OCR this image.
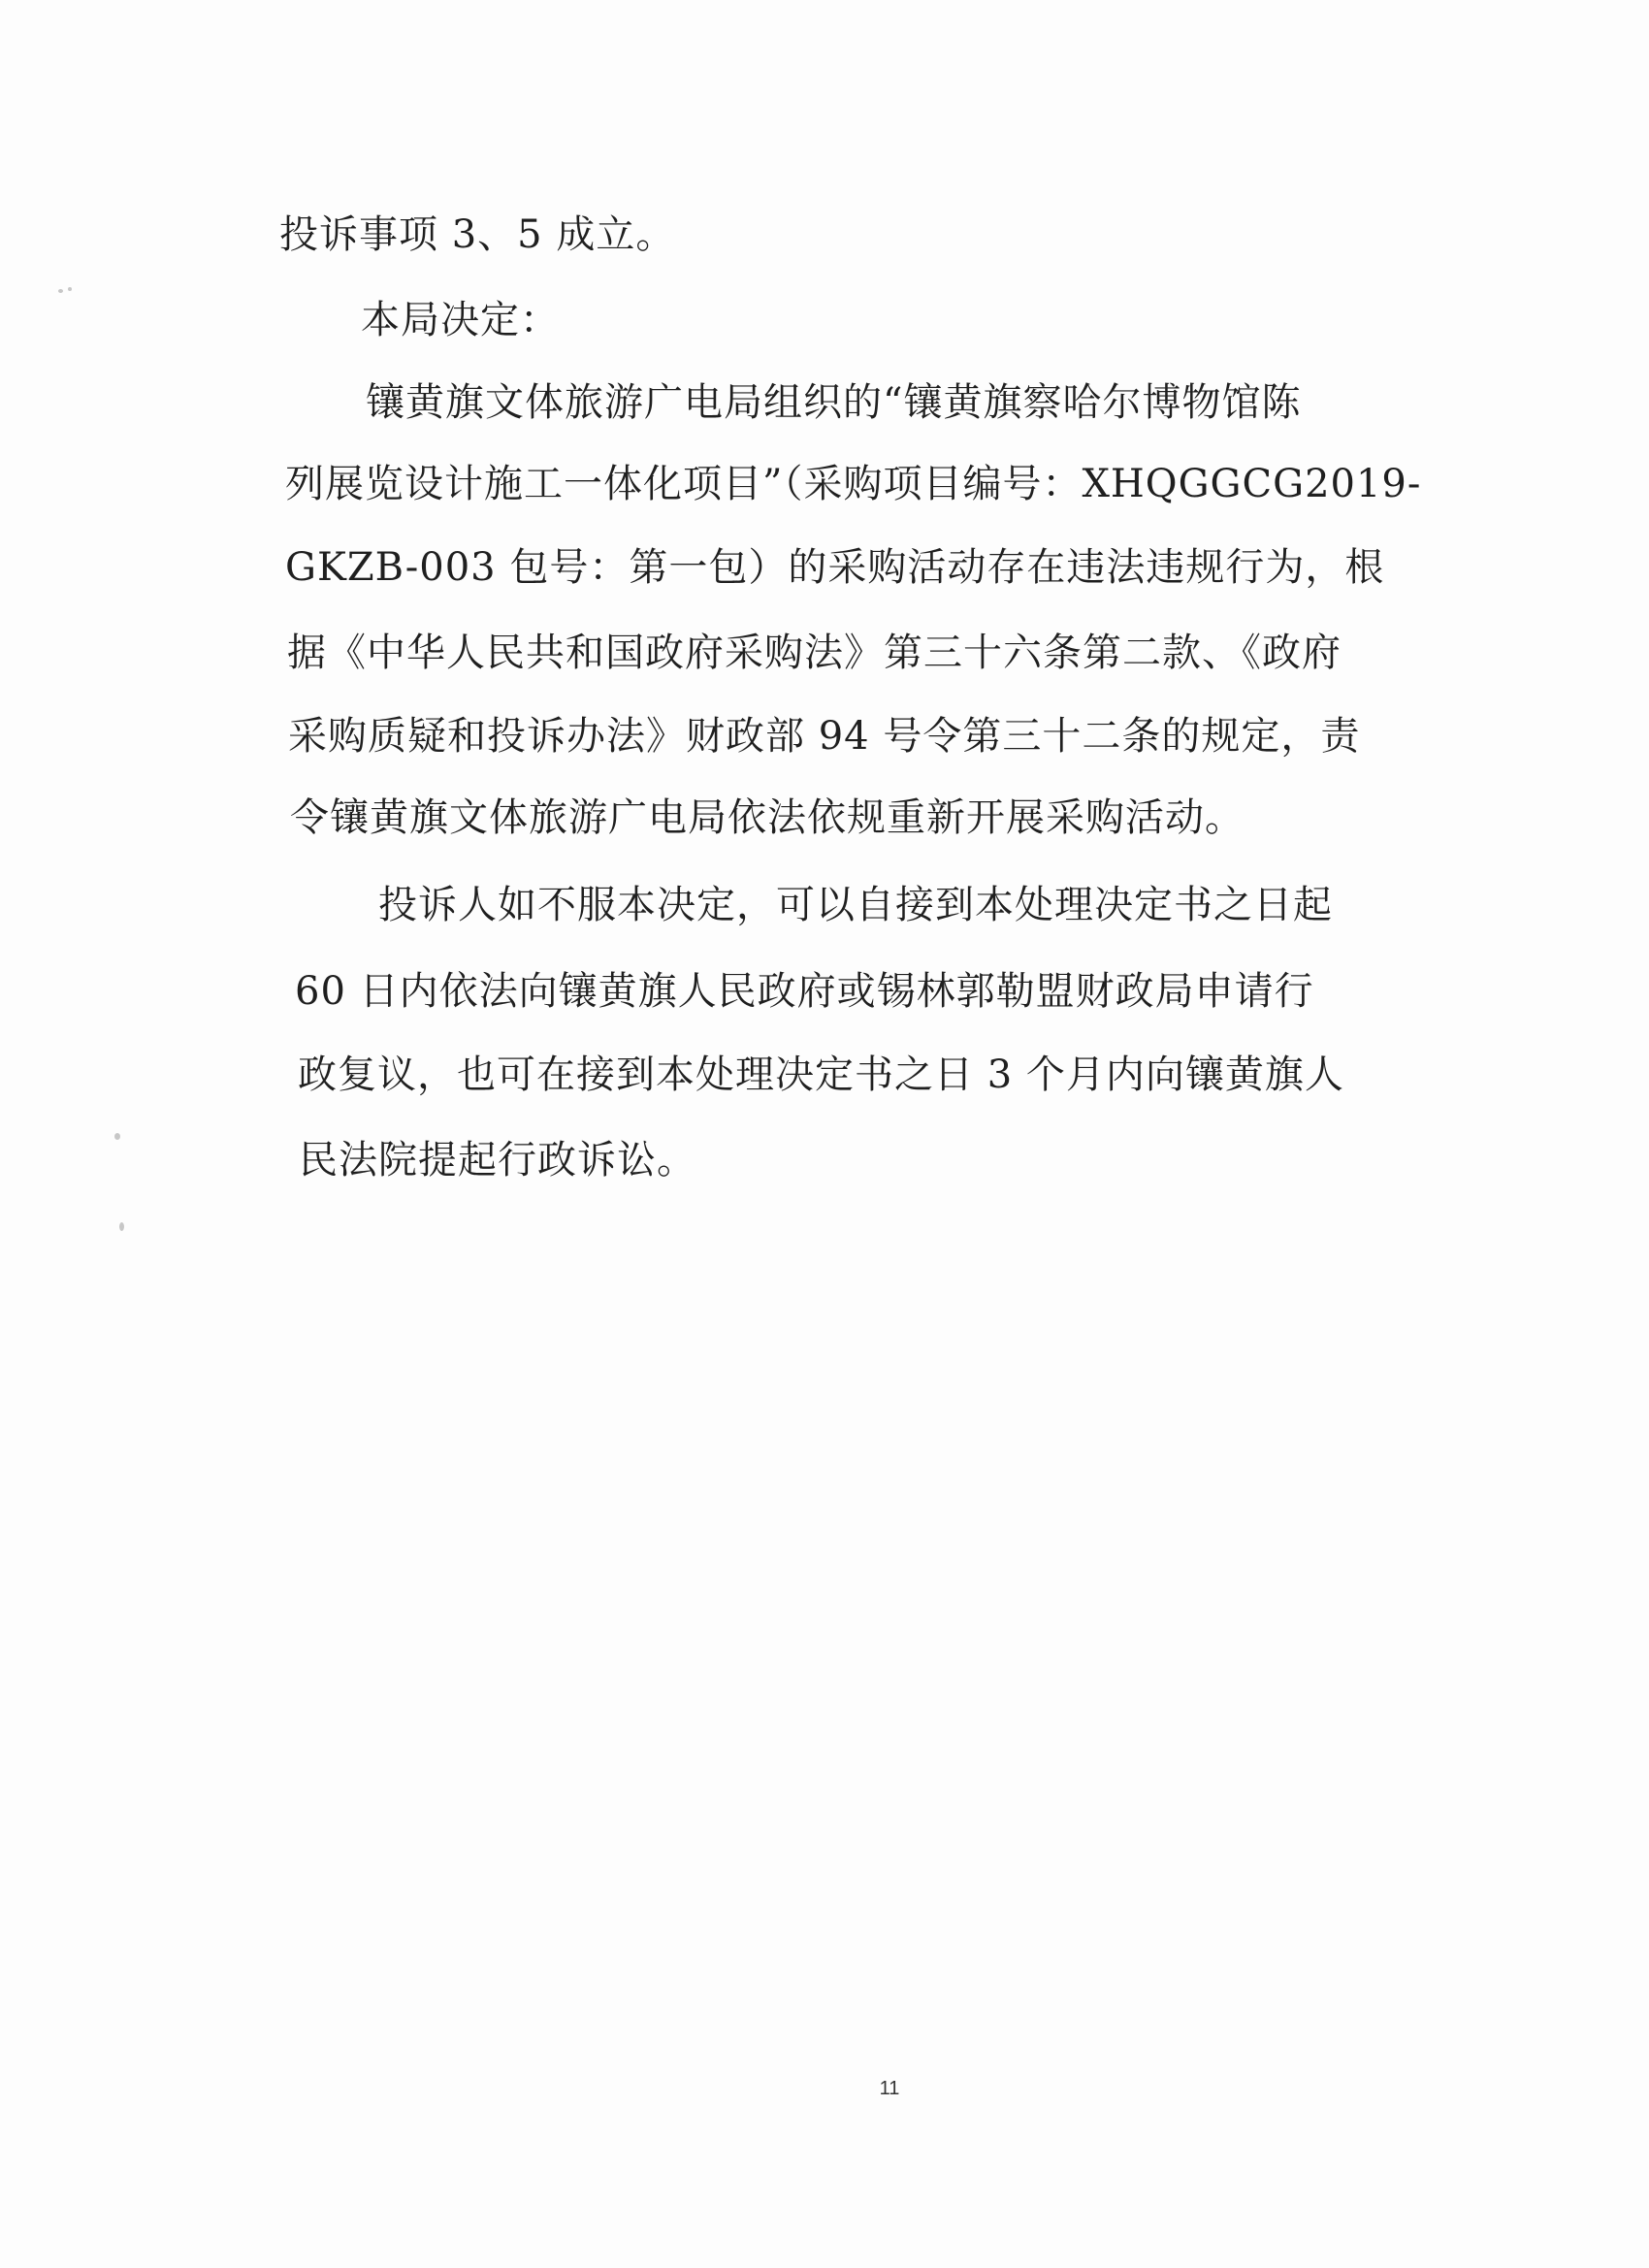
投诉事项 3、5 成立。
本局决定：
镶黄旗文体旅游广电局组织的“镶黄旗察哈尔博物馆陈
列展览设计施工一体化项目”（采购项目编号：XHQGGCG2019-
GKZB-003 包号：第一包）的采购活动存在违法违规行为，根
据《中华人民共和国政府采购法》第三十六条第二款、《政府
采购质疑和投诉办法》财政部 94 号令第三十二条的规定，责
令镶黄旗文体旅游广电局依法依规重新开展采购活动。
投诉人如不服本决定，可以自接到本处理决定书之日起
60 日内依法向镶黄旗人民政府或锡林郭勒盟财政局申请行
政复议，也可在接到本处理决定书之日 3 个月内向镶黄旗人
民法院提起行政诉讼。
11
